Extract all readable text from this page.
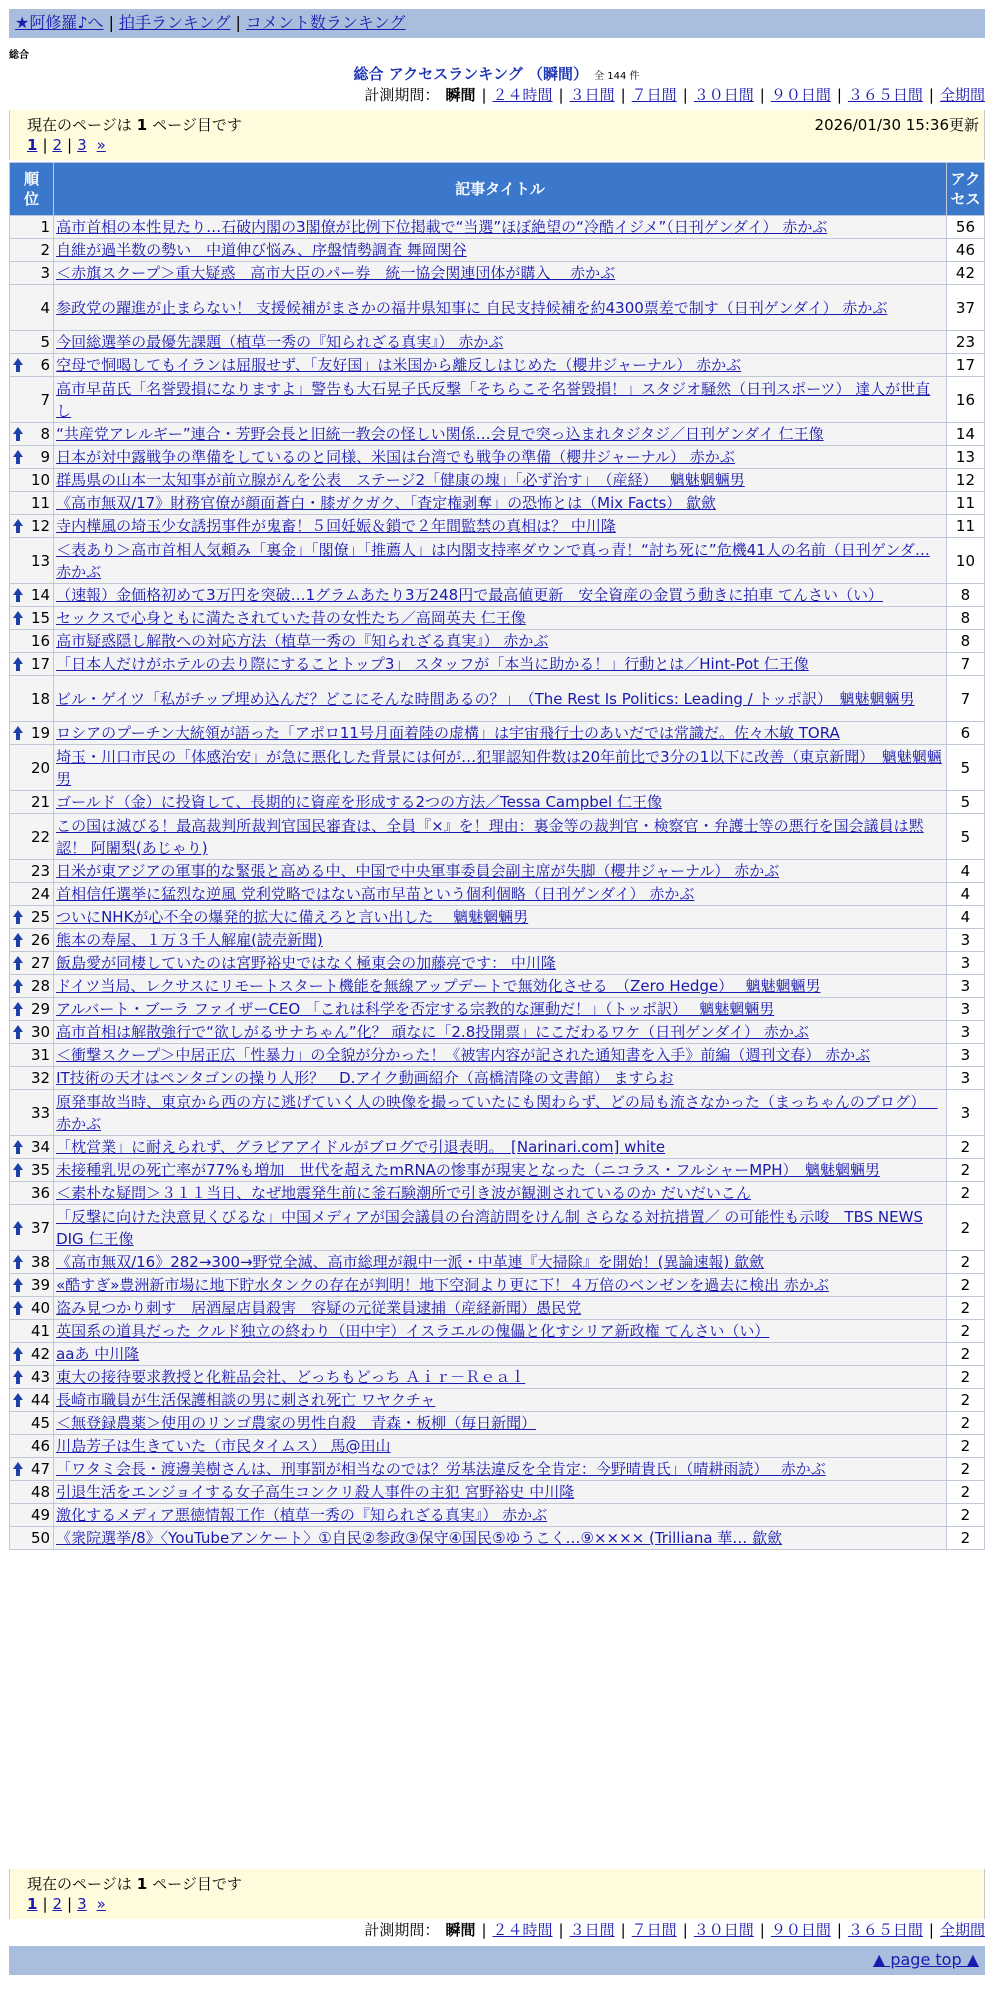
★阿修羅♪へ | 拍手ランキング | コメント数ランキング
総合
総合 アクセスランキング （瞬間） 全 144 件
計測期間： 瞬間 | ２４時間 | ３日間 | ７日間 | ３０日間 | ９０日間 | ３６５日間 | 全期間
現在のページは 1 ページ目です	2026/01/30 15:36更新
1 | 2 | 3 »
順位	記事タイトル	アクセス
1	高市首相の本性見たり…石破内閣の3閣僚が比例下位掲載で“当選”ほぼ絶望の“冷酷イジメ”（日刊ゲンダイ） 赤かぶ	56
2	自維が過半数の勢い　中道伸び悩み、序盤情勢調査 舞岡関谷	46
3	＜赤旗スクープ＞重大疑惑　高市大臣のパー券　統一協会関連団体が購入　 赤かぶ	42
4	参政党の躍進が止まらない！ 支援候補がまさかの福井県知事に 自民支持候補を約4300票差で制す（日刊ゲンダイ） 赤かぶ	37
5	今回総選挙の最優先課題（植草一秀の『知られざる真実』） 赤かぶ	23

6	空母で恫喝してもイランは屈服せず、「友好国」は米国から離反しはじめた（櫻井ジャーナル） 赤かぶ	17
7	高市早苗氏「名誉毀損になりますよ」警告も大石晃子氏反撃「そちらこそ名誉毀損！」スタジオ騒然（日刊スポーツ） 達人が世直し	16

8	“共産党アレルギー”連合・芳野会長と旧統一教会の怪しい関係…会見で突っ込まれタジタジ／日刊ゲンダイ 仁王像	14

9	日本が対中露戦争の準備をしているのと同様、米国は台湾でも戦争の準備（櫻井ジャーナル） 赤かぶ	13
10	群馬県の山本一太知事が前立腺がんを公表　ステージ2「健康の塊」「必ず治す」　（産経）　 魑魅魍魎男	12
11	《高市無双/17》財務官僚が顔面蒼白・膝ガクガク、「査定権剥奪」の恐怖とは（Mix Facts） 歙歛	11

12	寺内樺風の埼玉少女誘拐事件が鬼畜！５回妊娠＆鎖で２年間監禁の真相は？ 中川隆	11
13	＜表あり＞高市首相人気頼み「裏金」「閣僚」「推薦人」は内閣支持率ダウンで真っ青！“討ち死に”危機41人の名前（日刊ゲンダ… 赤かぶ	10

14	（速報）金価格初めて3万円を突破…1グラムあたり3万248円で最高値更新　安全資産の金買う動きに拍車 てんさい（い）	8

15	セックスで心身ともに満たされていた昔の女性たち／高岡英夫 仁王像	8
16	高市疑惑隠し解散への対応方法（植草一秀の『知られざる真実』） 赤かぶ	8

17	「日本人だけがホテルの去り際にすることトップ3」 スタッフが「本当に助かる！」行動とは／Hint-Pot 仁王像	7
18	ビル・ゲイツ「私がチップ埋め込んだ？どこにそんな時間あるの？」　（The Rest Is Politics: Leading / トッポ訳）　魑魅魍魎男	7

19	ロシアのプーチン大統領が語った「アポロ11号月面着陸の虚構」は宇宙飛行士のあいだでは常識だ。佐々木敏 TORA	6
20	埼玉・川口市民の「体感治安」が急に悪化した背景には何が…犯罪認知件数は20年前比で3分の1以下に改善（東京新聞）　魑魅魍魎男	5
21	ゴールド（金）に投資して、長期的に資産を形成する2つの方法／Tessa Campbel 仁王像	5
22	この国は滅びる！最高裁判所裁判官国民審査は、全員『×』を！理由：裏金等の裁判官・検察官・弁護士等の悪行を国会議員は黙認！ 阿闍梨(あじゃり)	5
23	日米が東アジアの軍事的な緊張と高める中、中国で中央軍事委員会副主席が失脚（櫻井ジャーナル） 赤かぶ	4
24	首相信任選挙に猛烈な逆風 党利党略ではない高市早苗という個利個略（日刊ゲンダイ） 赤かぶ	4

25	ついにNHKが心不全の爆発的拡大に備えろと言い出した　 魑魅魍魎男	4

26	熊本の寿屋、１万３千人解雇(読売新聞)	3

27	飯島愛が同棲していたのは宮野裕史ではなく極東会の加藤亮です： 中川隆	3

28	ドイツ当局、レクサスにリモートスタート機能を無線アップデートで無効化させる　（Zero Hedge）　 魑魅魍魎男	3

29	アルバート・ブーラ ファイザーCEO 「これは科学を否定する宗教的な運動だ！」（トッポ訳）　 魑魅魍魎男	3

30	高市首相は解散強行で“欲しがるサナちゃん”化？ 頑なに「2.8投開票」にこだわるワケ（日刊ゲンダイ） 赤かぶ	3
31	＜衝撃スクープ＞中居正広「性暴力」の全貌が分かった！《被害内容が記された通知書を入手》前編（週刊文春） 赤かぶ	3
32	IT技術の天才はペンタゴンの操り人形？　D.アイク動画紹介（高橋清隆の文書館） ますらお	3
33	原発事故当時、東京から西の方に逃げていく人の映像を撮っていたにも関わらず、どの局も流さなかった（まっちゃんのブログ）　 赤かぶ	3

34	「枕営業」に耐えられず、グラビアアイドルがブログで引退表明。　[Narinari.com] white	2

35	未接種乳児の死亡率が77%も増加　世代を超えたmRNAの惨事が現実となった（ニコラス・フルシャーMPH）　魑魅魍魎男	2
36	＜素朴な疑問＞３１１当日、なぜ地震発生前に釜石験潮所で引き波が観測されているのか だいだいこん	2

37	「反撃に向けた決意見くびるな」中国メディアが国会議員の台湾訪問をけん制 さらなる対抗措置／ の可能性も示唆　TBS NEWS DIG 仁王像	2

38	《高市無双/16》282→300→野党全滅、高市総理が親中一派・中革連『大掃除』を開始！(異論速報) 歙歛	2

39	«酷すぎ»豊洲新市場に地下貯水タンクの存在が判明！地下空洞より更に下！４万倍のベンゼンを過去に検出 赤かぶ	2

40	盗み見つかり刺す　居酒屋店員殺害　容疑の元従業員逮捕（産経新聞）愚民党	2
41	英国系の道具だった クルド独立の終わり（田中宇）イスラエルの傀儡と化すシリア新政権 てんさい（い）	2

42	aaあ 中川隆	2

43	東大の接待要求教授と化粧品会社、どっちもどっち Ａｉｒ－Ｒｅａｌ	2

44	長崎市職員が生活保護相談の男に刺され死亡 ワヤクチャ	2
45	＜無登録農薬＞使用のリンゴ農家の男性自殺　青森・板柳（毎日新聞）	2
46	川島芳子は生きていた（市民タイムス） 馬@田山	2

47	「ワタミ会長・渡邊美樹さんは、刑事罰が相当なのでは？労基法違反を全肯定：今野晴貴氏」（晴耕雨読）　 赤かぶ	2
48	引退生活をエンジョイする女子高生コンクリ殺人事件の主犯 宮野裕史 中川隆	2
49	激化するメディア悪徳情報工作（植草一秀の『知られざる真実』） 赤かぶ	2
50	《衆院選挙/8》〈YouTubeアンケート〉①自民②参政③保守④国民⑤ゆうこく…⑨×××× (Trilliana 華… 歙歛	2
現在のページは 1 ページ目です
1 | 2 | 3 »
計測期間： 瞬間 | ２４時間 | ３日間 | ７日間 | ３０日間 | ９０日間 | ３６５日間 | 全期間
▲ page top ▲
